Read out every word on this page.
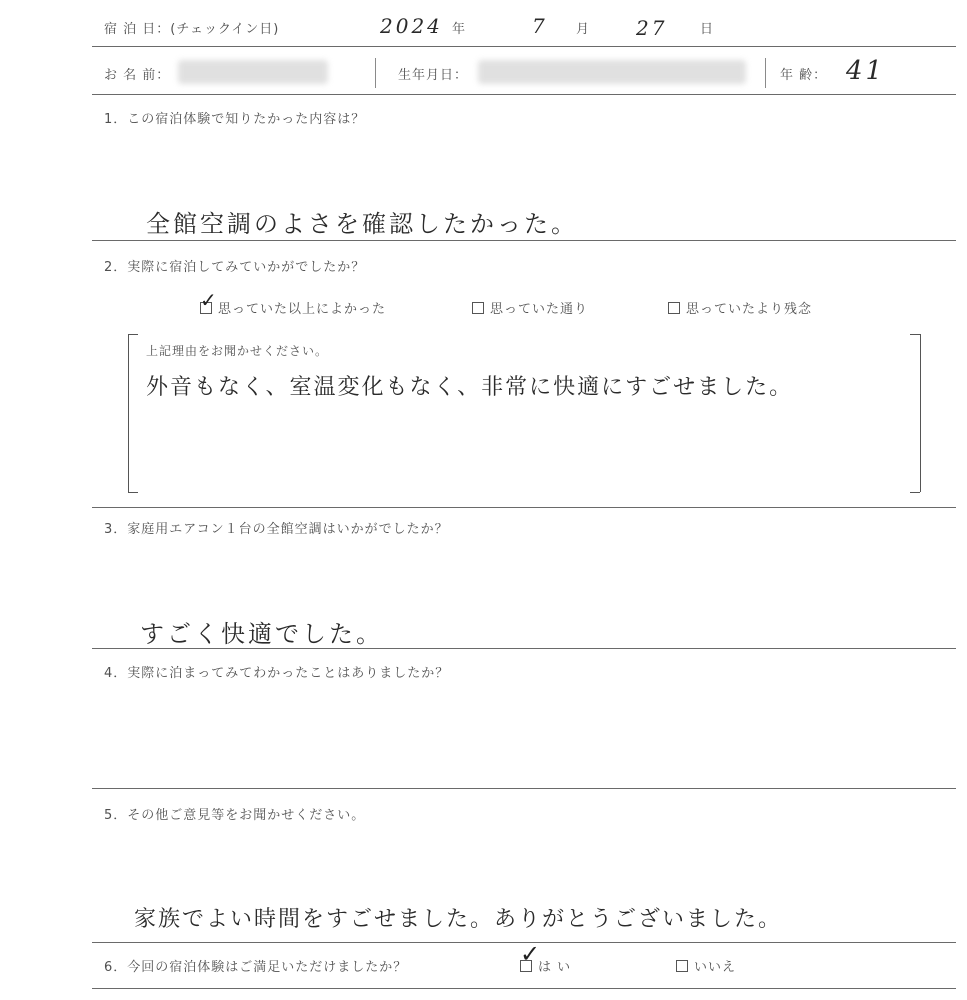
宿 泊 日：(チェックイン日)	2024 年	7 月 27	日
お 名 前：	生年月日：	年 齢： 41
1．この宿泊体験で知りたかった内容は？
全館空調のよさを確認したかった。
2．実際に宿泊してみていかがでしたか？
思っていた以上によかった
✓	思っていた通り	思っていたより残念
上記理由をお聞かせください。
外音もなく、室温変化もなく、非常に快適にすごせました。
3．家庭用エアコン１台の全館空調はいかがでしたか？
すごく快適でした。
4．実際に泊まってみてわかったことはありましたか？
5．その他ご意見等をお聞かせください。
家族でよい時間をすごせました。ありがとうございました。
6．今回の宿泊体験はご満足いただけましたか？	は い
✓	いいえ
